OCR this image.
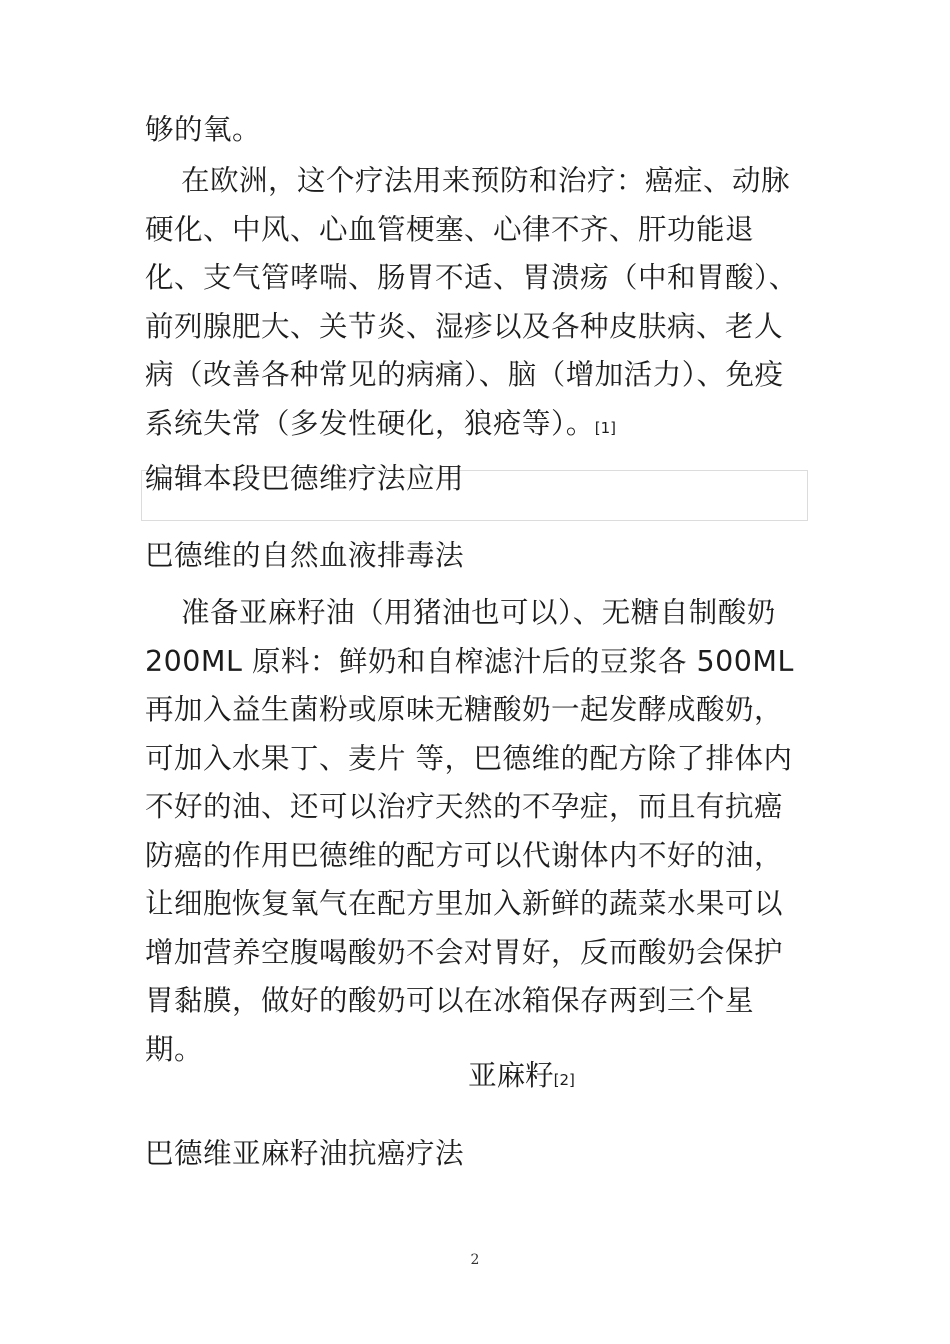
够的氧。
在欧洲，这个疗法用来预防和治疗：癌症、动脉硬化、中风、心血管梗塞、心律不齐、肝功能退化、支气管哮喘、肠胃不适、胃溃疡（中和胃酸）、前列腺肥大、关节炎、湿疹以及各种皮肤病、老人病（改善各种常见的病痛）、脑（增加活力）、免疫系统失常（多发性硬化，狼疮等）。[1]
编辑本段巴德维疗法应用
巴德维的自然血液排毒法
准备亚麻籽油（用猪油也可以）、无糖自制酸奶 200ML 原料：鲜奶和自榨滤汁后的豆浆各 500ML 再加入益生菌粉或原味无糖酸奶一起发酵成酸奶，可加入水果丁、麦片 等，巴德维的配方除了排体内不好的油、还可以治疗天然的不孕症，而且有抗癌防癌的作用巴德维的配方可以代谢体内不好的油，让细胞恢复氧气在配方里加入新鲜的蔬菜水果可以增加营养空腹喝酸奶不会对胃好，反而酸奶会保护胃黏膜，做好的酸奶可以在冰箱保存两到三个星期。
亚麻籽[2]
巴德维亚麻籽油抗癌疗法
2
